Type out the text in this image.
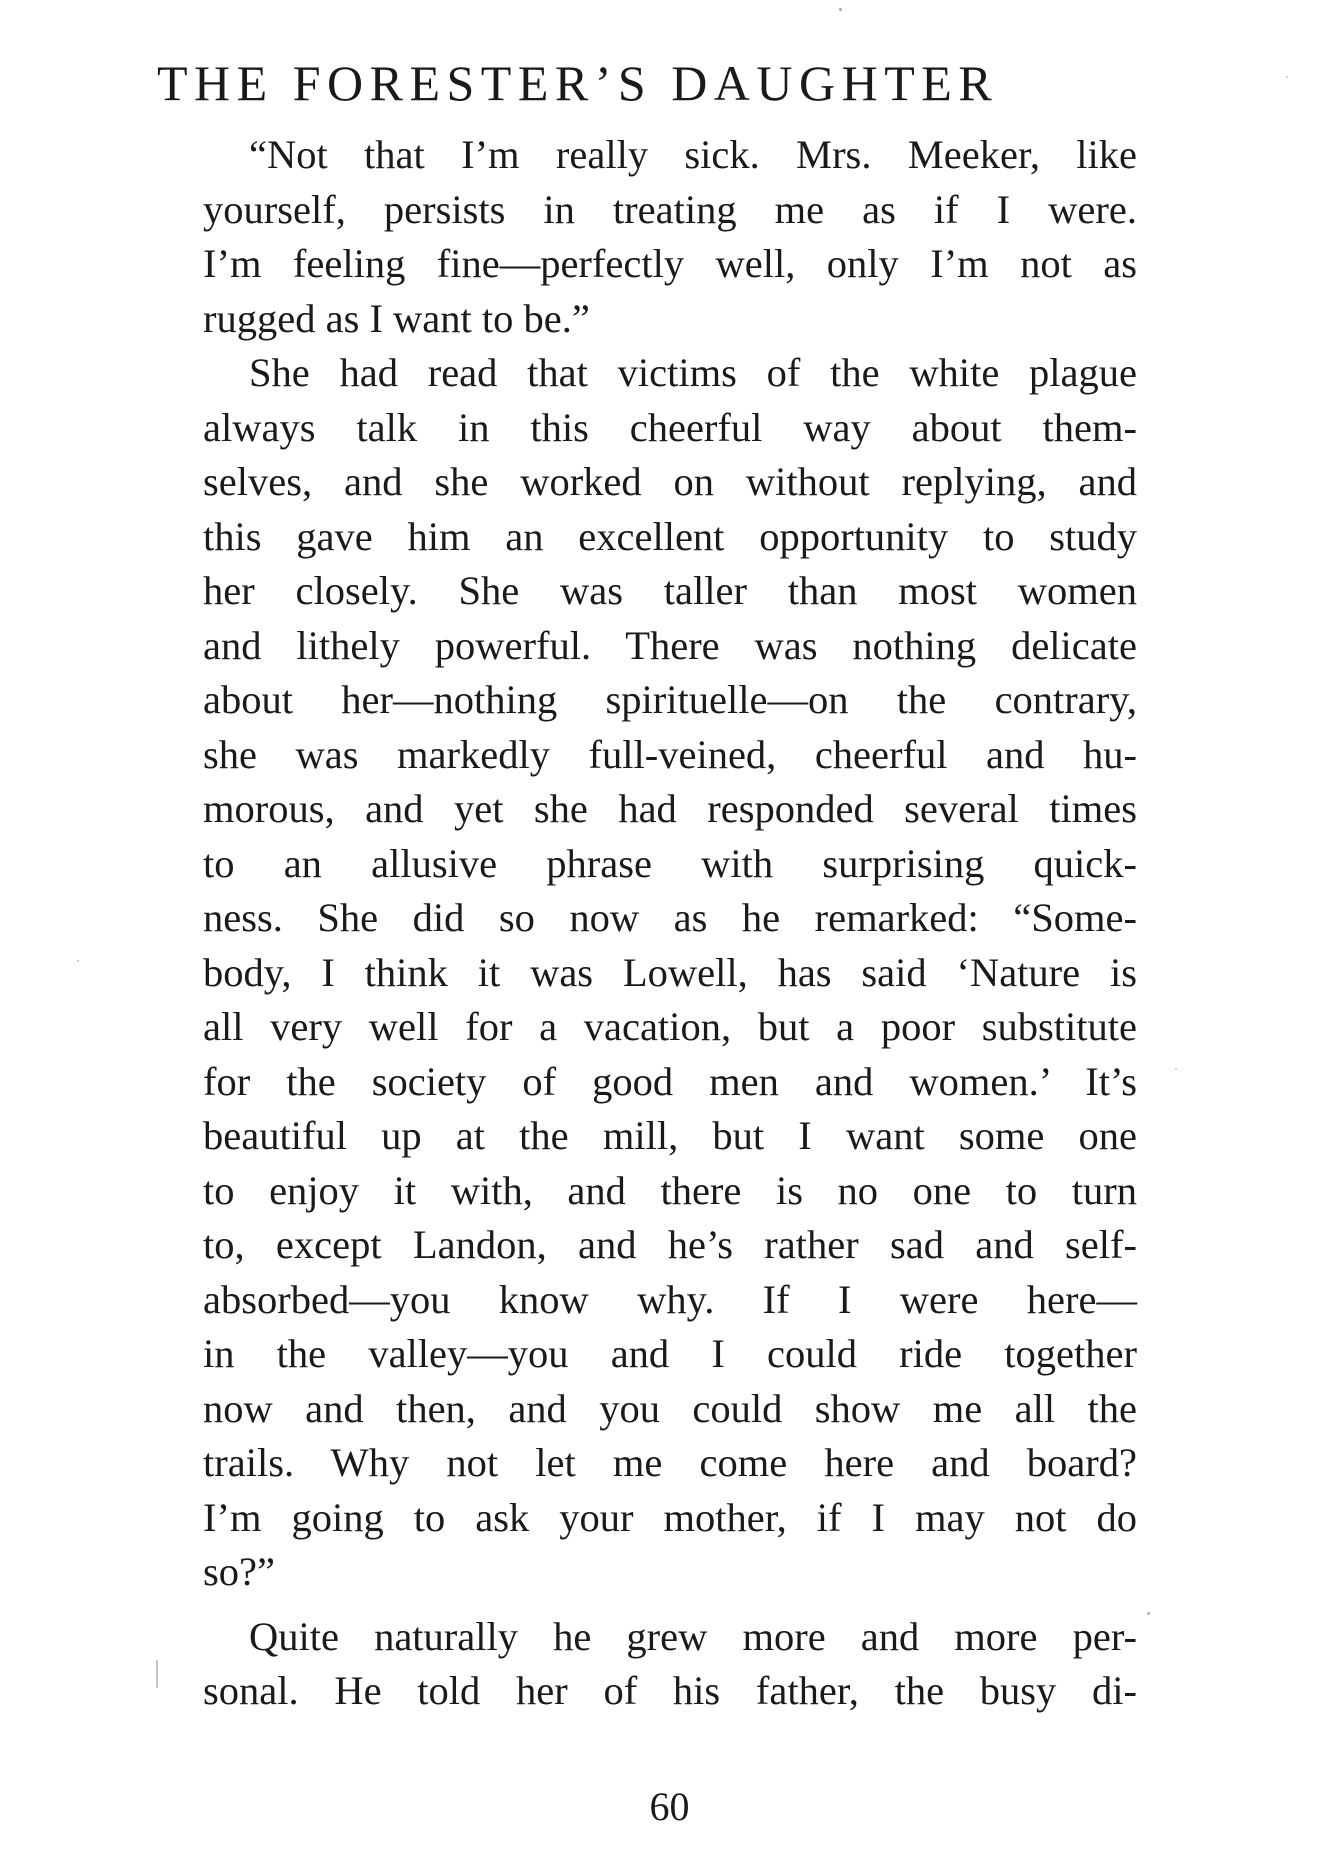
THE FORESTER’S DAUGHTER
“Not that I’m really sick. Mrs. Meeker, like
yourself, persists in treating me as if I were.
I’m feeling fine—perfectly well, only I’m not as
rugged as I want to be.”
She had read that victims of the white plague
always talk in this cheerful way about them-
selves, and she worked on without replying, and
this gave him an excellent opportunity to study
her closely. She was taller than most women
and lithely powerful. There was nothing delicate
about her—nothing spirituelle—on the contrary,
she was markedly full-veined, cheerful and hu-
morous, and yet she had responded several times
to an allusive phrase with surprising quick-
ness. She did so now as he remarked: “Some-
body, I think it was Lowell, has said ‘Nature is
all very well for a vacation, but a poor substitute
for the society of good men and women.’ It’s
beautiful up at the mill, but I want some one
to enjoy it with, and there is no one to turn
to, except Landon, and he’s rather sad and self-
absorbed—you know why. If I were here—
in the valley—you and I could ride together
now and then, and you could show me all the
trails. Why not let me come here and board?
I’m going to ask your mother, if I may not do
so?”
Quite naturally he grew more and more per-
sonal. He told her of his father, the busy di-
60
